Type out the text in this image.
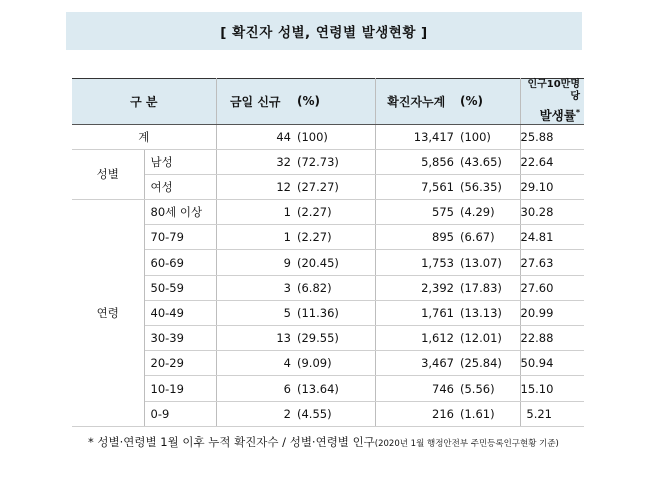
[ 확진자 성별, 연령별 발생현황 ]
구 분		금일 신규	(%)	확진자누계	(%)	인구10만명당
발생률*

계		44	(100)	13,417	(100)	25.88
성별	남성	32	(72.73)	5,856	(43.65)	22.64
	여성	12	(27.27)	7,561	(56.35)	29.10
연령	80세 이상	1	(2.27)	575	(4.29)	30.28
	70-79	1	(2.27)	895	(6.67)	24.81
	60-69	9	(20.45)	1,753	(13.07)	27.63
	50-59	3	(6.82)	2,392	(17.83)	27.60
	40-49	5	(11.36)	1,761	(13.13)	20.99
	30-39	13	(29.55)	1,612	(12.01)	22.88
	20-29	4	(9.09)	3,467	(25.84)	50.94
	10-19	6	(13.64)	746	(5.56)	15.10
	0-9	2	(4.55)	216	(1.61)	5.21
* 성별·연령별 1월 이후 누적 확진자수 / 성별·연령별 인구(2020년 1월 행정안전부 주민등록인구현황 기준)
